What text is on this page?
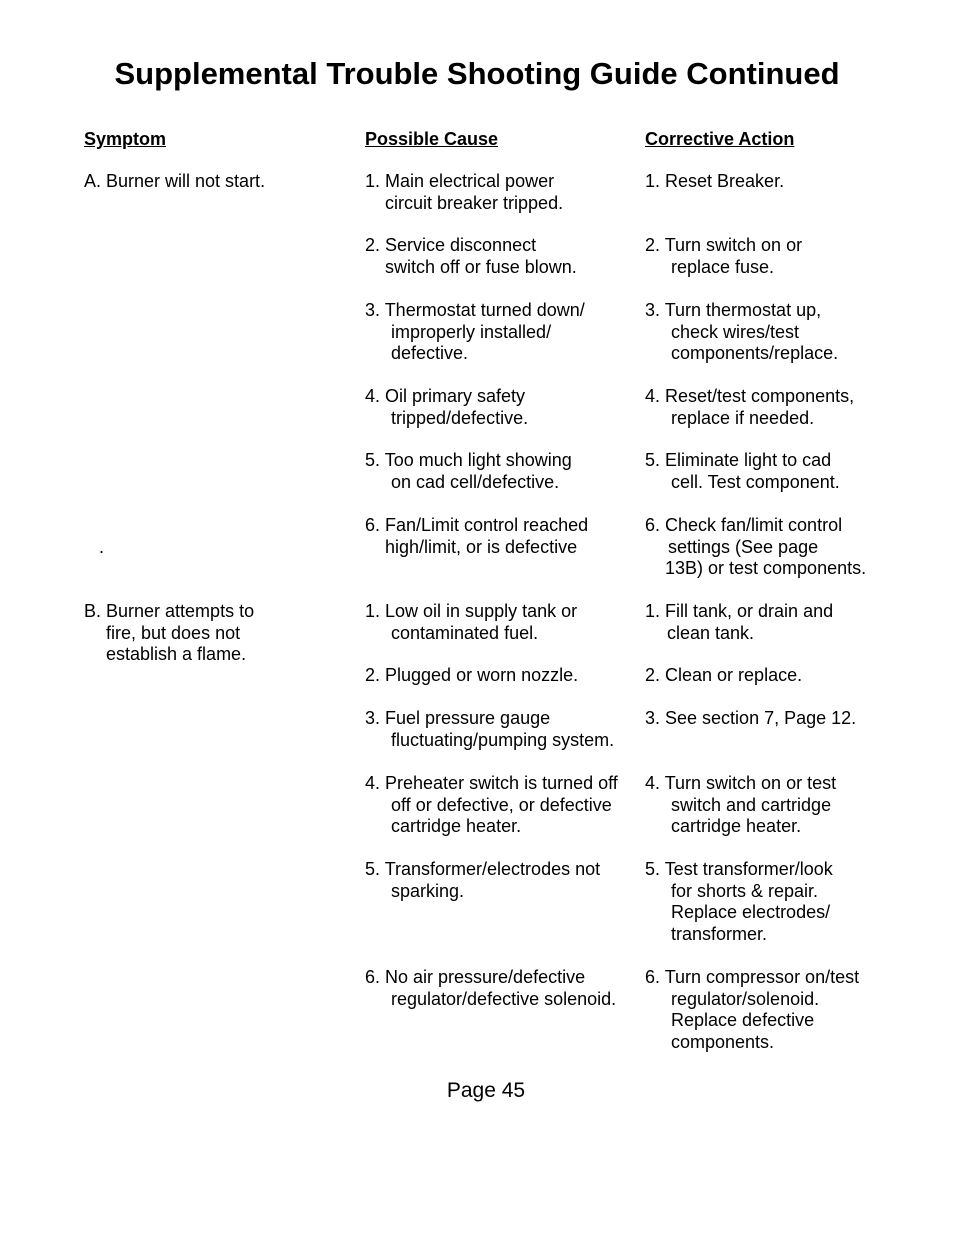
Supplemental Trouble Shooting Guide Continued
Symptom	Possible Cause	Corrective Action
A. Burner will not start.
.
B. Burner attempts to
fire, but does not
establish a flame.
1. Main electrical power
circuit breaker tripped.
2. Service disconnect
switch off or fuse blown.
3. Thermostat turned down/
improperly installed/
defective.
4. Oil primary safety
tripped/defective.
5. Too much light showing
on cad cell/defective.
6. Fan/Limit control reached
high/limit, or is defective
1. Low oil in supply tank or
contaminated fuel.
2. Plugged or worn nozzle.
3. Fuel pressure gauge
fluctuating/pumping system.
4. Preheater switch is turned off
off or defective, or defective
cartridge heater.
5. Transformer/electrodes not
sparking.
6. No air pressure/defective
regulator/defective solenoid.
1. Reset Breaker.
2. Turn switch on or
replace fuse.
3. Turn thermostat up,
check wires/test
components/replace.
4. Reset/test components,
replace if needed.
5. Eliminate light to cad
cell. Test component.
6. Check fan/limit control
settings (See page
13B) or test components.
1. Fill tank, or drain and
clean tank.
2. Clean or replace.
3. See section 7, Page 12.
4. Turn switch on or test
switch and cartridge
cartridge heater.
5. Test transformer/look
for shorts & repair.
Replace electrodes/
transformer.
6. Turn compressor on/test
regulator/solenoid.
Replace defective
components.
Page 45
